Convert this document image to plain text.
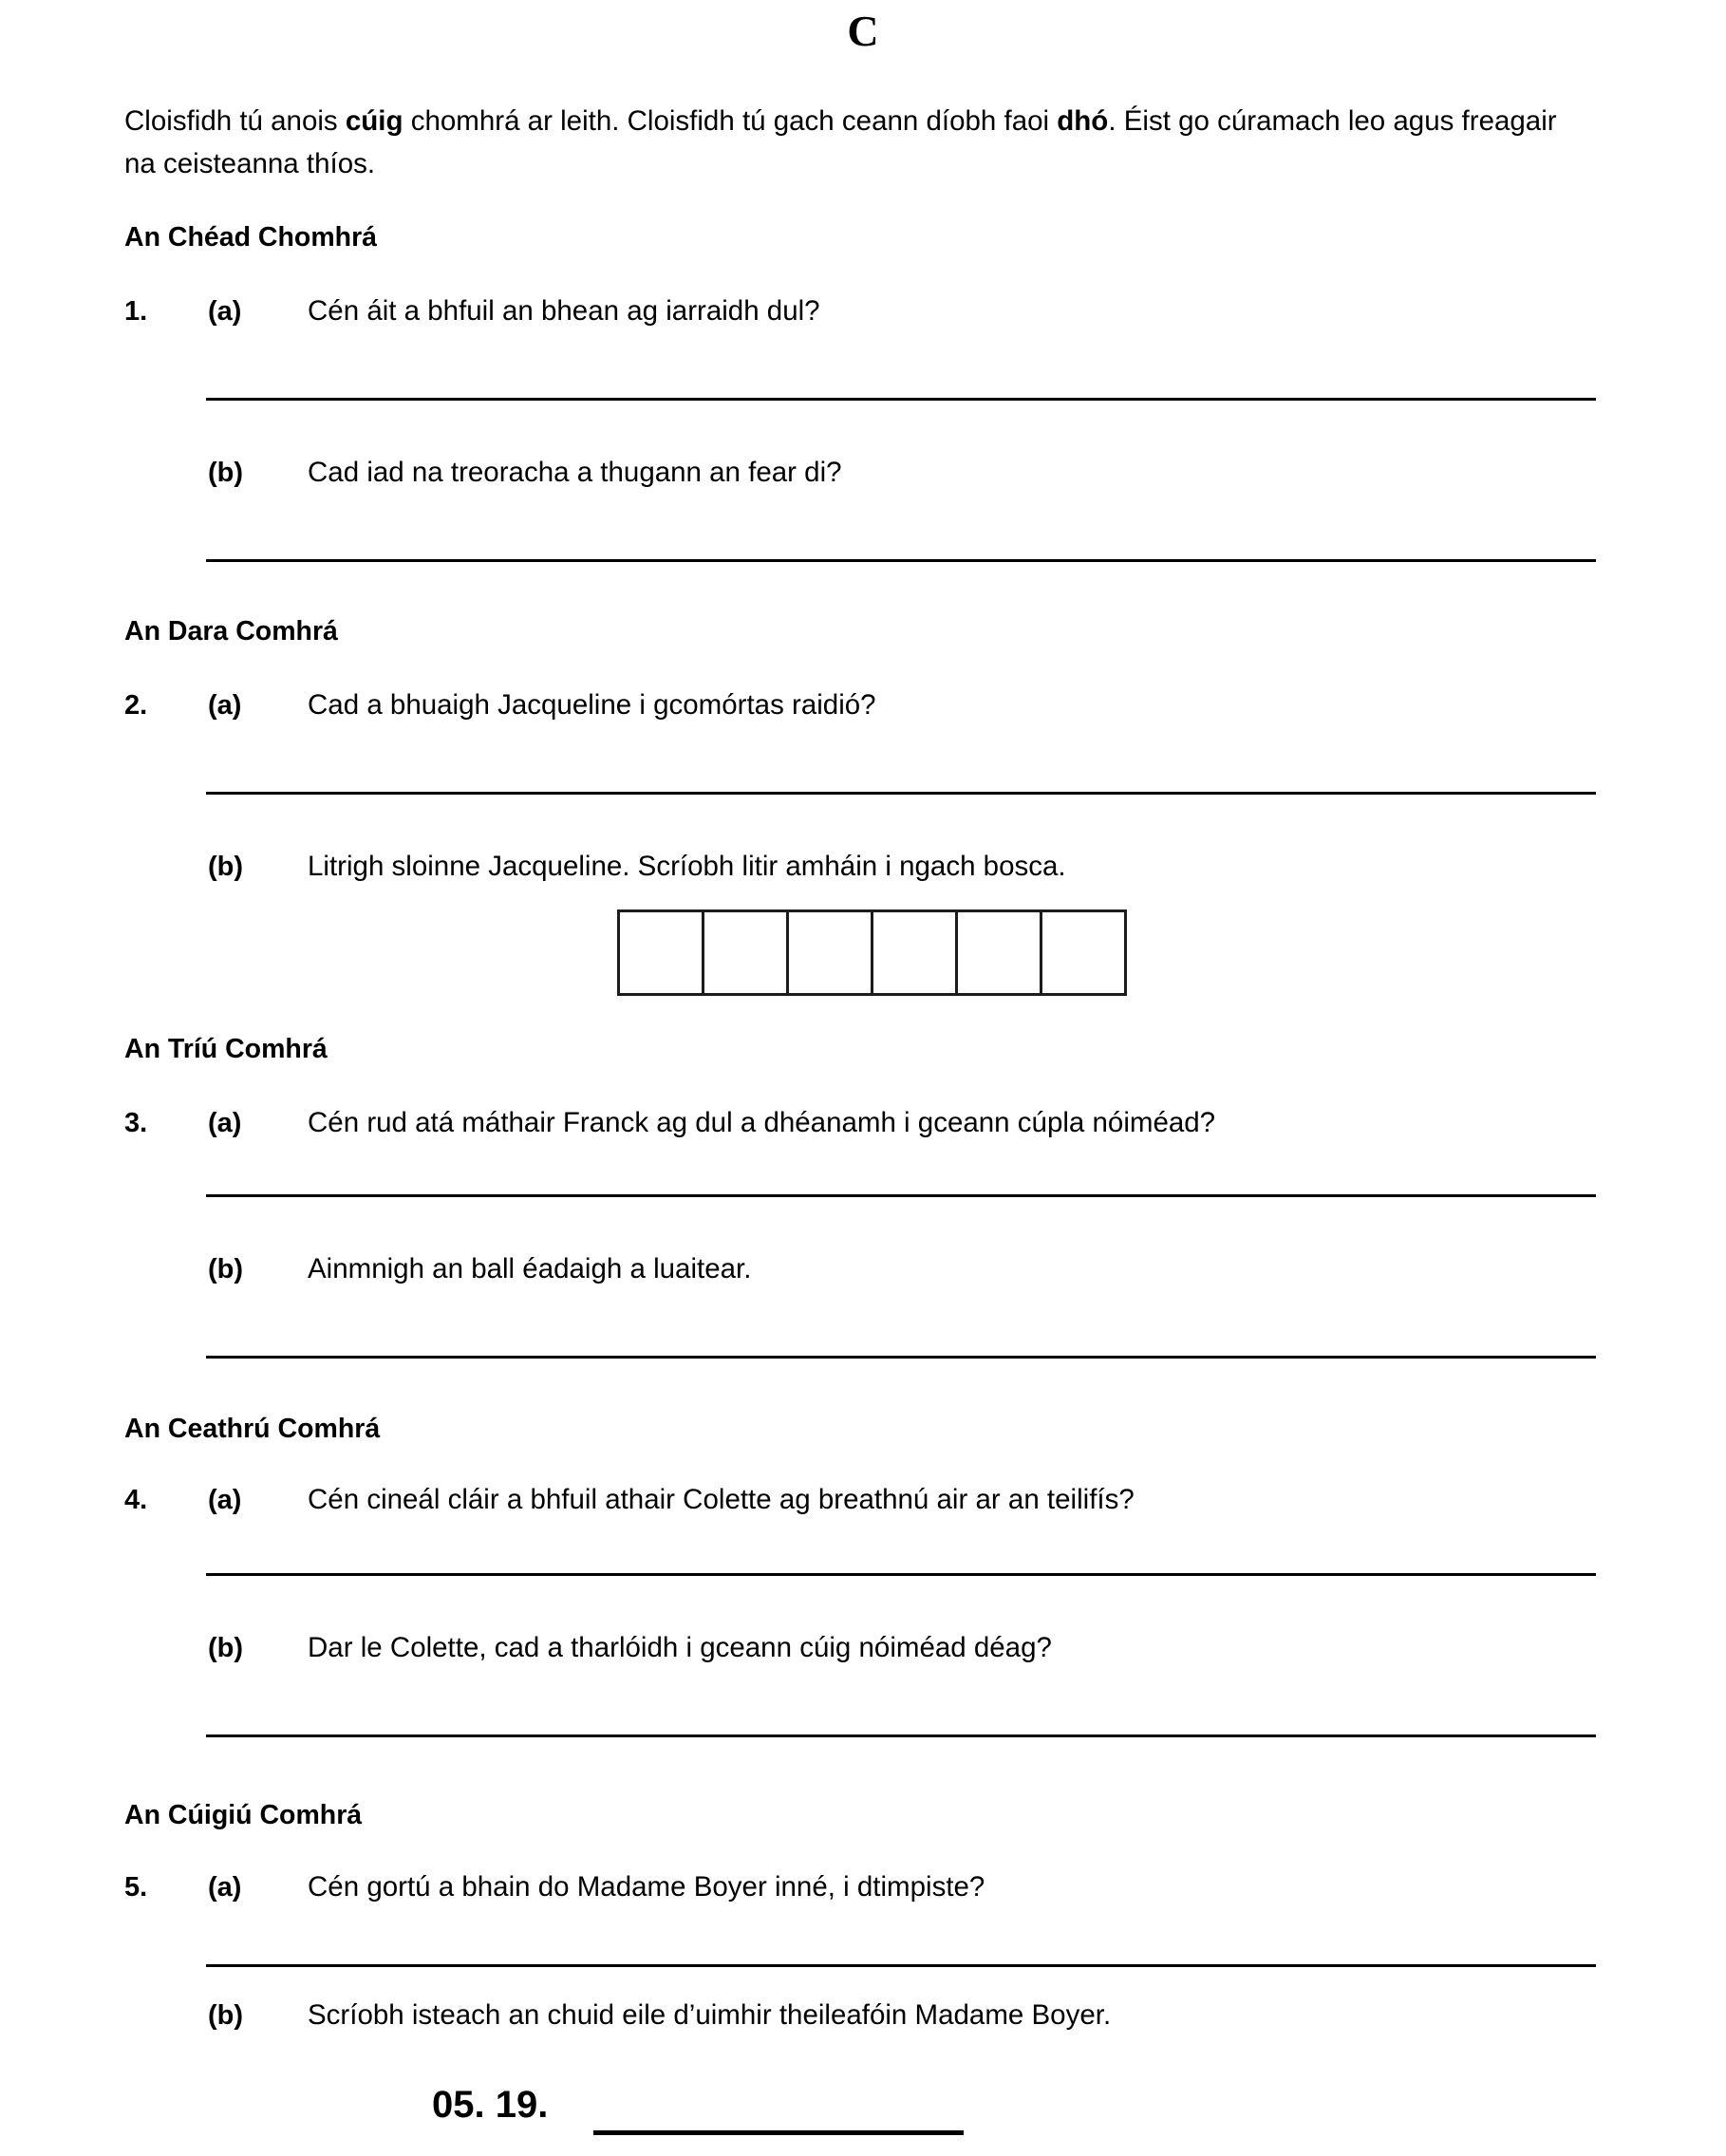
C
Cloisfidh tú anois cúig chomhrá ar leith. Cloisfidh tú gach ceann díobh faoi dhó. Éist go cúramach leo agus freagair na ceisteanna thíos.
An Chéad Chomhrá
1. (a) Cén áit a bhfuil an bhean ag iarraidh dul?
(b) Cad iad na treoracha a thugann an fear di?
An Dara Comhrá
2. (a) Cad a bhuaigh Jacqueline i gcomórtas raidió?
(b) Litrigh sloinne Jacqueline. Scríobh litir amháin i ngach bosca.
An Tríú Comhrá
3. (a) Cén rud atá máthair Franck ag dul a dhéanamh i gceann cúpla nóiméad?
(b) Ainmnigh an ball éadaigh a luaitear.
An Ceathrú Comhrá
4. (a) Cén cineál cláir a bhfuil athair Colette ag breathnú air ar an teilifís?
(b) Dar le Colette, cad a tharlóidh i gceann cúig nóiméad déag?
An Cúigiú Comhrá
5. (a) Cén gortú a bhain do Madame Boyer inné, i dtimpiste?
(b) Scríobh isteach an chuid eile d’uimhir theileafóin Madame Boyer.
05. 19.
